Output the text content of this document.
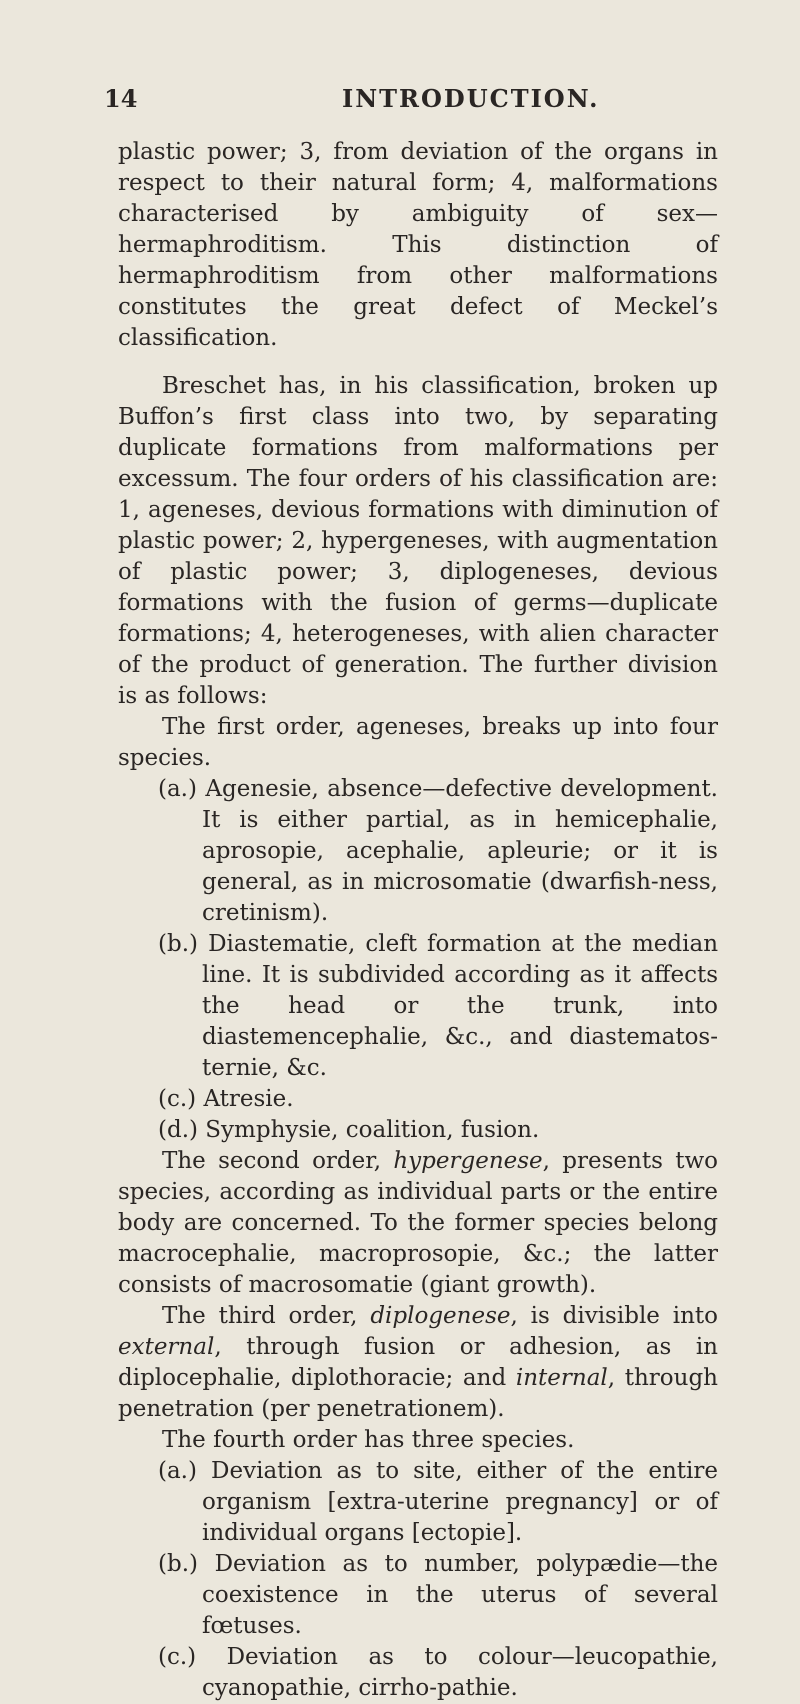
14	INTRODUCTION.

plastic power; 3, from deviation of the organs in respect to their natural form; 4, malformations characterised by ambiguity of sex—hermaphroditism. This distinction of hermaphroditism from other malformations constitutes the great defect of Meckel’s classification.

Breschet has, in his classification, broken up Buffon’s first class into two, by separating duplicate formations from malformations per excessum. The four orders of his classification are: 1, ageneses, devious formations with diminution of plastic power; 2, hypergeneses, with augmentation of plastic power; 3, diplogeneses, devious formations with the fusion of germs—duplicate formations; 4, heterogeneses, with alien character of the product of generation. The further division is as follows:

The first order, ageneses, breaks up into four species.

(a.) Agenesie, absence—defective development. It is either partial, as in hemicephalie, aprosopie, acephalie, apleurie; or it is general, as in microsomatie (dwarfish-ness, cretinism).

(b.) Diastematie, cleft formation at the median line. It is subdivided according as it affects the head or the trunk, into diastemencephalie, &c., and diastematos-ternie, &c.

(c.) Atresie.

(d.) Symphysie, coalition, fusion.

The second order, hypergenese, presents two species, according as individual parts or the entire body are concerned. To the former species belong macrocephalie, macroprosopie, &c.; the latter consists of macrosomatie (giant growth).

The third order, diplogenese, is divisible into external, through fusion or adhesion, as in diplocephalie, diplothoracie; and internal, through penetration (per penetrationem).

The fourth order has three species.

(a.) Deviation as to site, either of the entire organism [extra-uterine pregnancy] or of individual organs [ectopie].

(b.) Deviation as to number, polypædie—the coexistence in the uterus of several fœtuses.

(c.) Deviation as to colour—leucopathie, cyanopathie, cirrho-pathie.
